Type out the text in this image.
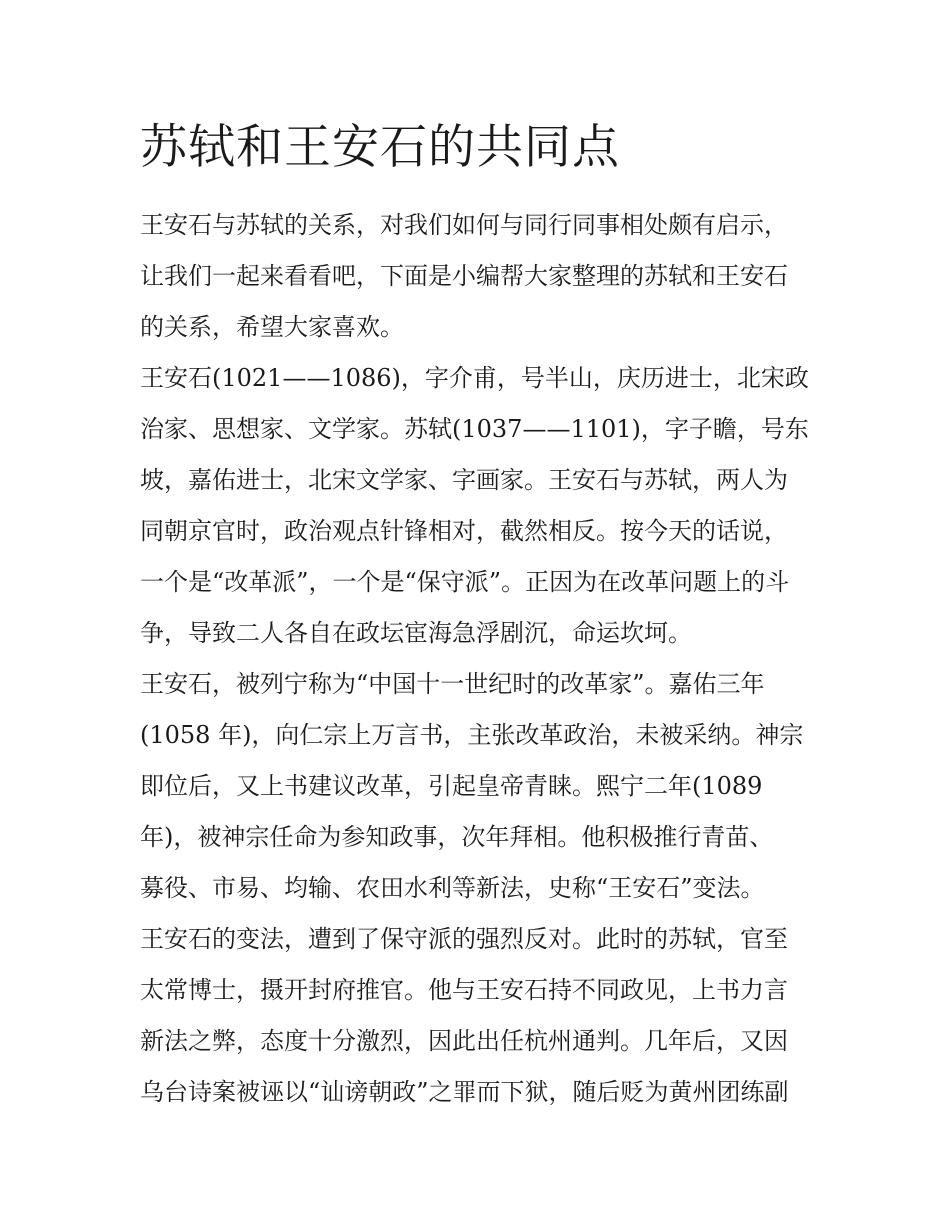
苏轼和王安石的共同点
王安石与苏轼的关系，对我们如何与同行同事相处颇有启示，
让我们一起来看看吧，下面是小编帮大家整理的苏轼和王安石
的关系，希望大家喜欢。
王安石(1021——1086)，字介甫，号半山，庆历进士，北宋政
治家、思想家、文学家。苏轼(1037——1101)，字子瞻，号东
坡，嘉佑进士，北宋文学家、字画家。王安石与苏轼，两人为
同朝京官时，政治观点针锋相对，截然相反。按今天的话说，
一个是“改革派”，一个是“保守派”。正因为在改革问题上的斗
争，导致二人各自在政坛宦海急浮剧沉，命运坎坷。
王安石，被列宁称为“中国十一世纪时的改革家”。嘉佑三年
(1058 年)，向仁宗上万言书，主张改革政治，未被采纳。神宗
即位后，又上书建议改革，引起皇帝青睐。熙宁二年(1089
年)，被神宗任命为参知政事，次年拜相。他积极推行青苗、
募役、市易、均输、农田水利等新法，史称“王安石”变法。
王安石的变法，遭到了保守派的强烈反对。此时的苏轼，官至
太常博士，摄开封府推官。他与王安石持不同政见，上书力言
新法之弊，态度十分激烈，因此出任杭州通判。几年后，又因
乌台诗案被诬以“讪谤朝政”之罪而下狱，随后贬为黄州团练副
